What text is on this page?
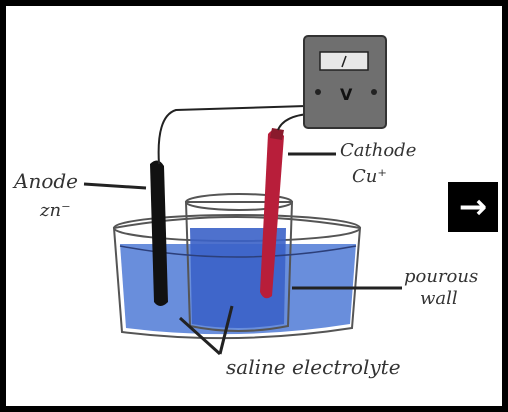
V
Anode
zn⁻
Cathode
Cu⁺
pourous
wall
saline electrolyte
→
